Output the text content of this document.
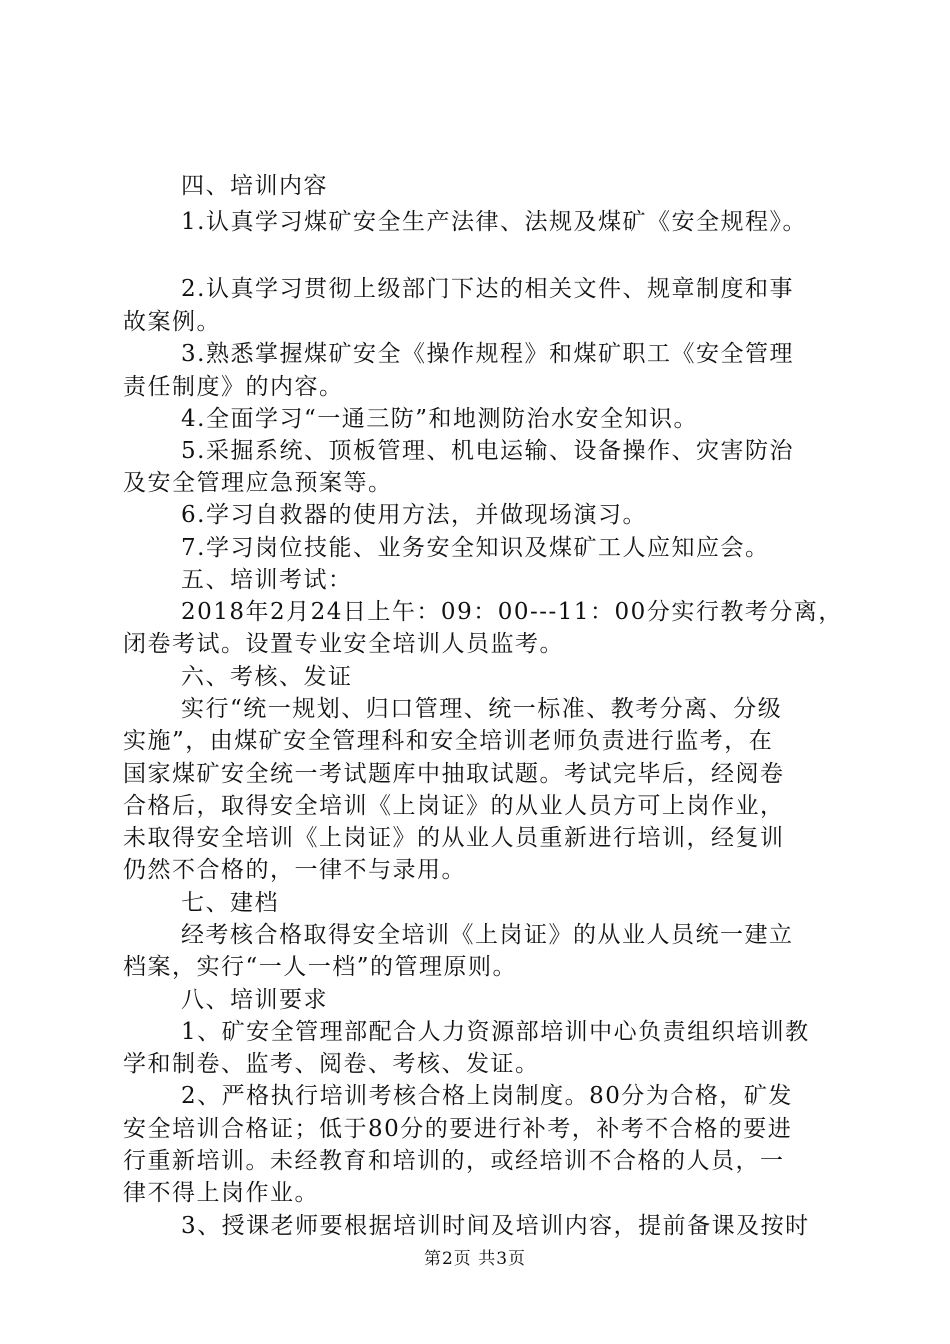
四、培训内容
1.认真学习煤矿安全生产法律、法规及煤矿《安全规程》。
2.认真学习贯彻上级部门下达的相关文件、规章制度和事
故案例。
3.熟悉掌握煤矿安全《操作规程》和煤矿职工《安全管理
责任制度》的内容。
4.全面学习“一通三防”和地测防治水安全知识。
5.采掘系统、顶板管理、机电运输、设备操作、灾害防治
及安全管理应急预案等。
6.学习自救器的使用方法，并做现场演习。
7.学习岗位技能、业务安全知识及煤矿工人应知应会。
五、培训考试：
2018年2月24日上午：09：00---11：00分实行教考分离，
闭卷考试。设置专业安全培训人员监考。
六、考核、发证
实行“统一规划、归口管理、统一标准、教考分离、分级
实施”，由煤矿安全管理科和安全培训老师负责进行监考，在
国家煤矿安全统一考试题库中抽取试题。考试完毕后，经阅卷
合格后，取得安全培训《上岗证》的从业人员方可上岗作业，
未取得安全培训《上岗证》的从业人员重新进行培训，经复训
仍然不合格的，一律不与录用。
七、建档
经考核合格取得安全培训《上岗证》的从业人员统一建立
档案，实行“一人一档”的管理原则。
八、培训要求
1、矿安全管理部配合人力资源部培训中心负责组织培训教
学和制卷、监考、阅卷、考核、发证。
2、严格执行培训考核合格上岗制度。80分为合格，矿发
安全培训合格证；低于80分的要进行补考，补考不合格的要进
行重新培训。未经教育和培训的，或经培训不合格的人员，一
律不得上岗作业。
3、授课老师要根据培训时间及培训内容，提前备课及按时
第2页 共3页
